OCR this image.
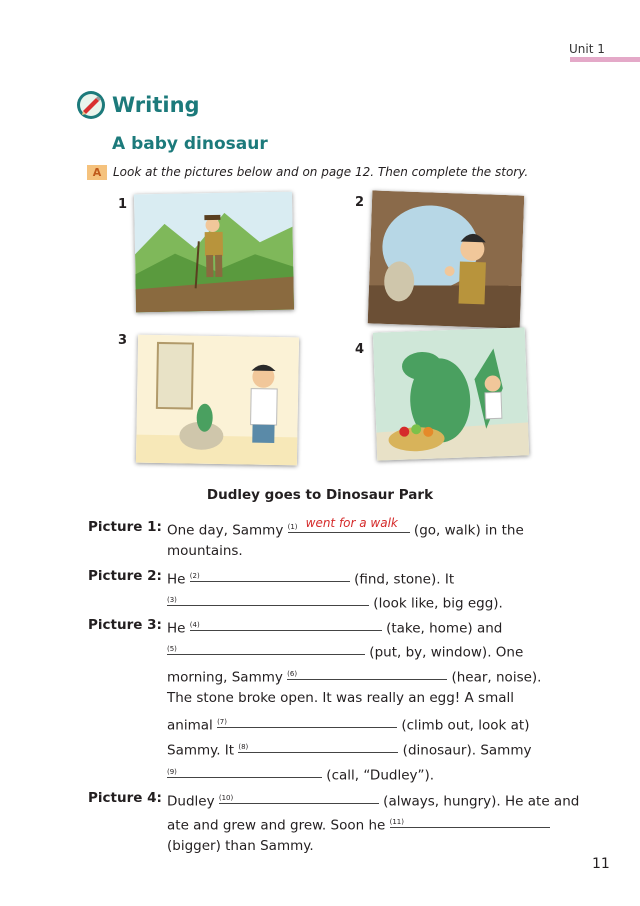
Unit 1
Writing
A baby dinosaur
A Look at the pictures below and on page 12. Then complete the story.
1	2
3
4
Dudley goes to Dinosaur Park
Picture 1:
Picture 2:
Picture 3:
Picture 4:
One day, Sammy $^{(1)}$ went for a walk (go, walk) in the
mountains.
He $^{(2)}$	(find, stone). It
$^{(3)}$	(look like, big egg).
He $^{(4)}$	(take, home) and
$^{(5)}$	(put, by, window). One
morning, Sammy $^{(6)}$	(hear, noise).
The stone broke open. It was really an egg! A small
animal $^{(7)}$	(climb out, look at)
Sammy. It $^{(8)}$	(dinosaur). Sammy
$^{(9)}$	(call, “Dudley”).
Dudley $^{(10)}$	(always, hungry). He ate and
ate and grew and grew. Soon he $^{(11)}$
(bigger) than Sammy.
11
